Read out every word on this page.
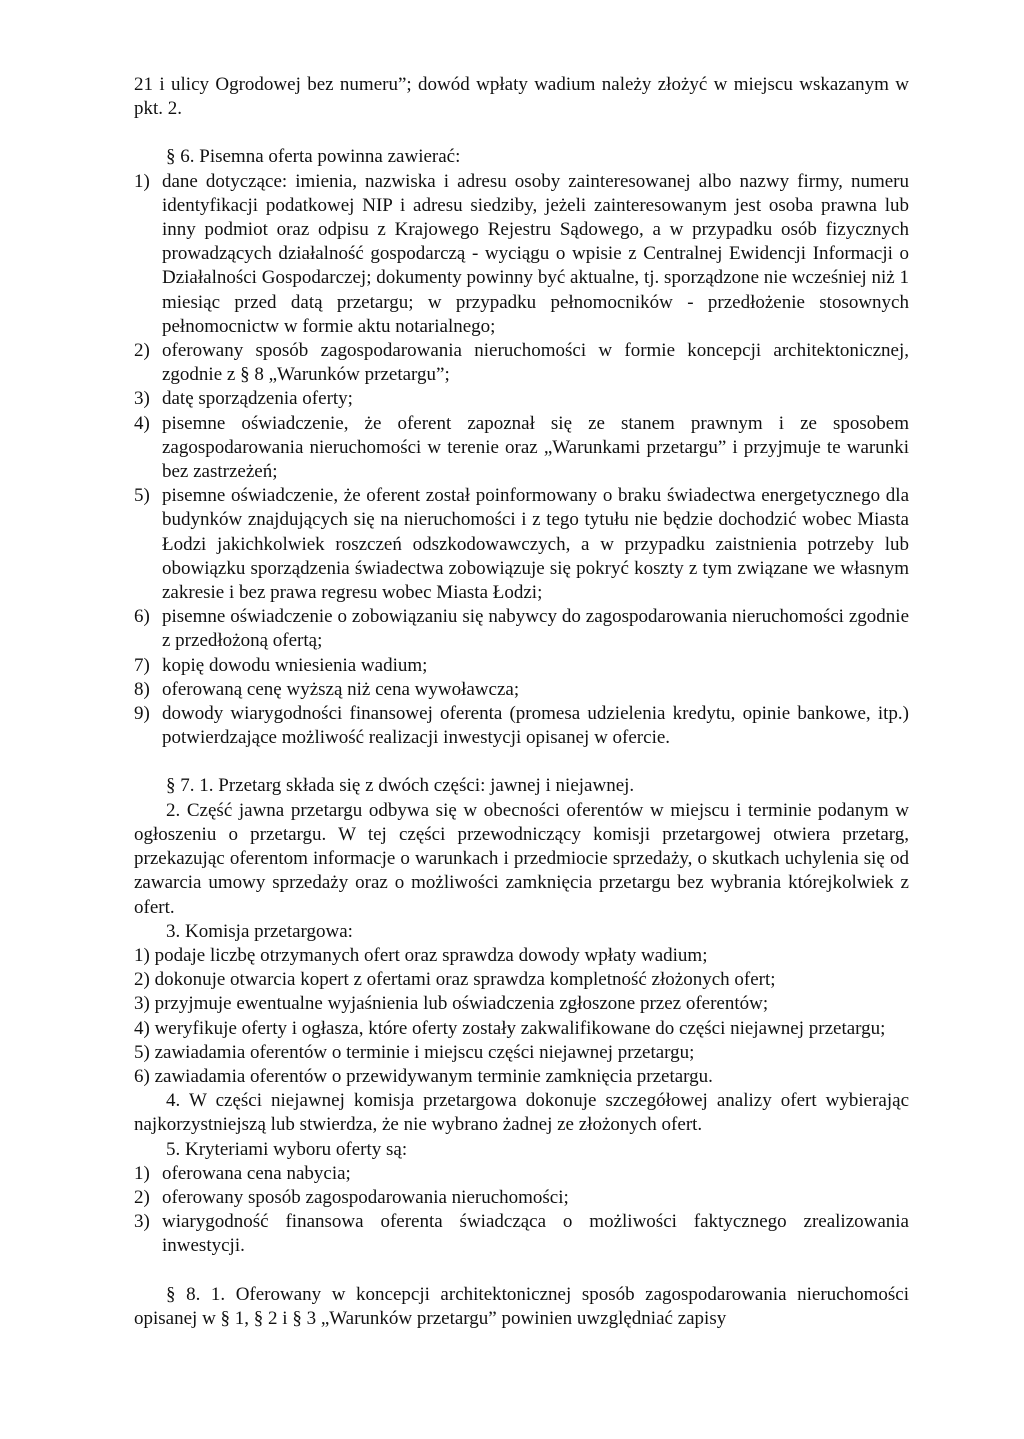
21 i ulicy Ogrodowej bez numeru”; dowód wpłaty wadium należy złożyć w miejscu wskazanym w pkt. 2.

§ 6. Pisemna oferta powinna zawierać:

1) dane dotyczące: imienia, nazwiska i adresu osoby zainteresowanej albo nazwy firmy, numeru identyfikacji podatkowej NIP i adresu siedziby, jeżeli zainteresowanym jest osoba prawna lub inny podmiot oraz odpisu z Krajowego Rejestru Sądowego, a w przypadku osób fizycznych prowadzących działalność gospodarczą - wyciągu o wpisie z Centralnej Ewidencji Informacji o Działalności Gospodarczej; dokumenty powinny być aktualne, tj. sporządzone nie wcześniej niż 1 miesiąc przed datą przetargu; w przypadku pełnomocników - przedłożenie stosownych pełnomocnictw w formie aktu notarialnego;
2) oferowany sposób zagospodarowania nieruchomości w formie koncepcji architektonicznej, zgodnie z § 8 „Warunków przetargu”;
3) datę sporządzenia oferty;
4) pisemne oświadczenie, że oferent zapoznał się ze stanem prawnym i ze sposobem zagospodarowania nieruchomości w terenie oraz „Warunkami przetargu” i przyjmuje te warunki bez zastrzeżeń;
5) pisemne oświadczenie, że oferent został poinformowany o braku świadectwa energetycznego dla budynków znajdujących się na nieruchomości i z tego tytułu nie będzie dochodzić wobec Miasta Łodzi jakichkolwiek roszczeń odszkodowawczych, a w przypadku zaistnienia potrzeby lub obowiązku sporządzenia świadectwa zobowiązuje się pokryć koszty z tym związane we własnym zakresie i bez prawa regresu wobec Miasta Łodzi;
6) pisemne oświadczenie o zobowiązaniu się nabywcy do zagospodarowania nieruchomości zgodnie z przedłożoną ofertą;
7) kopię dowodu wniesienia wadium;
8) oferowaną cenę wyższą niż cena wywoławcza;
9) dowody wiarygodności finansowej oferenta (promesa udzielenia kredytu, opinie bankowe, itp.) potwierdzające możliwość realizacji inwestycji opisanej w ofercie.

§ 7. 1. Przetarg składa się z dwóch części: jawnej i niejawnej.

2. Część jawna przetargu odbywa się w obecności oferentów w miejscu i terminie podanym w ogłoszeniu o przetargu. W tej części przewodniczący komisji przetargowej otwiera przetarg, przekazując oferentom informacje o warunkach i przedmiocie sprzedaży, o skutkach uchylenia się od zawarcia umowy sprzedaży oraz o możliwości zamknięcia przetargu bez wybrania którejkolwiek z ofert.

3. Komisja przetargowa:

1) podaje liczbę otrzymanych ofert oraz sprawdza dowody wpłaty wadium;
2) dokonuje otwarcia kopert z ofertami oraz sprawdza kompletność złożonych ofert;
3) przyjmuje ewentualne wyjaśnienia lub oświadczenia zgłoszone przez oferentów;
4) weryfikuje oferty i ogłasza, które oferty zostały zakwalifikowane do części niejawnej przetargu;
5) zawiadamia oferentów o terminie i miejscu części niejawnej przetargu;
6) zawiadamia oferentów o przewidywanym terminie zamknięcia przetargu.

4. W części niejawnej komisja przetargowa dokonuje szczegółowej analizy ofert wybierając najkorzystniejszą lub stwierdza, że nie wybrano żadnej ze złożonych ofert.

5. Kryteriami wyboru oferty są:

1) oferowana cena nabycia;
2) oferowany sposób zagospodarowania nieruchomości;
3) wiarygodność finansowa oferenta świadcząca o możliwości faktycznego zrealizowania inwestycji.

§ 8. 1. Oferowany w koncepcji architektonicznej sposób zagospodarowania nieruchomości opisanej w § 1, § 2 i § 3 „Warunków przetargu” powinien uwzględniać zapisy
